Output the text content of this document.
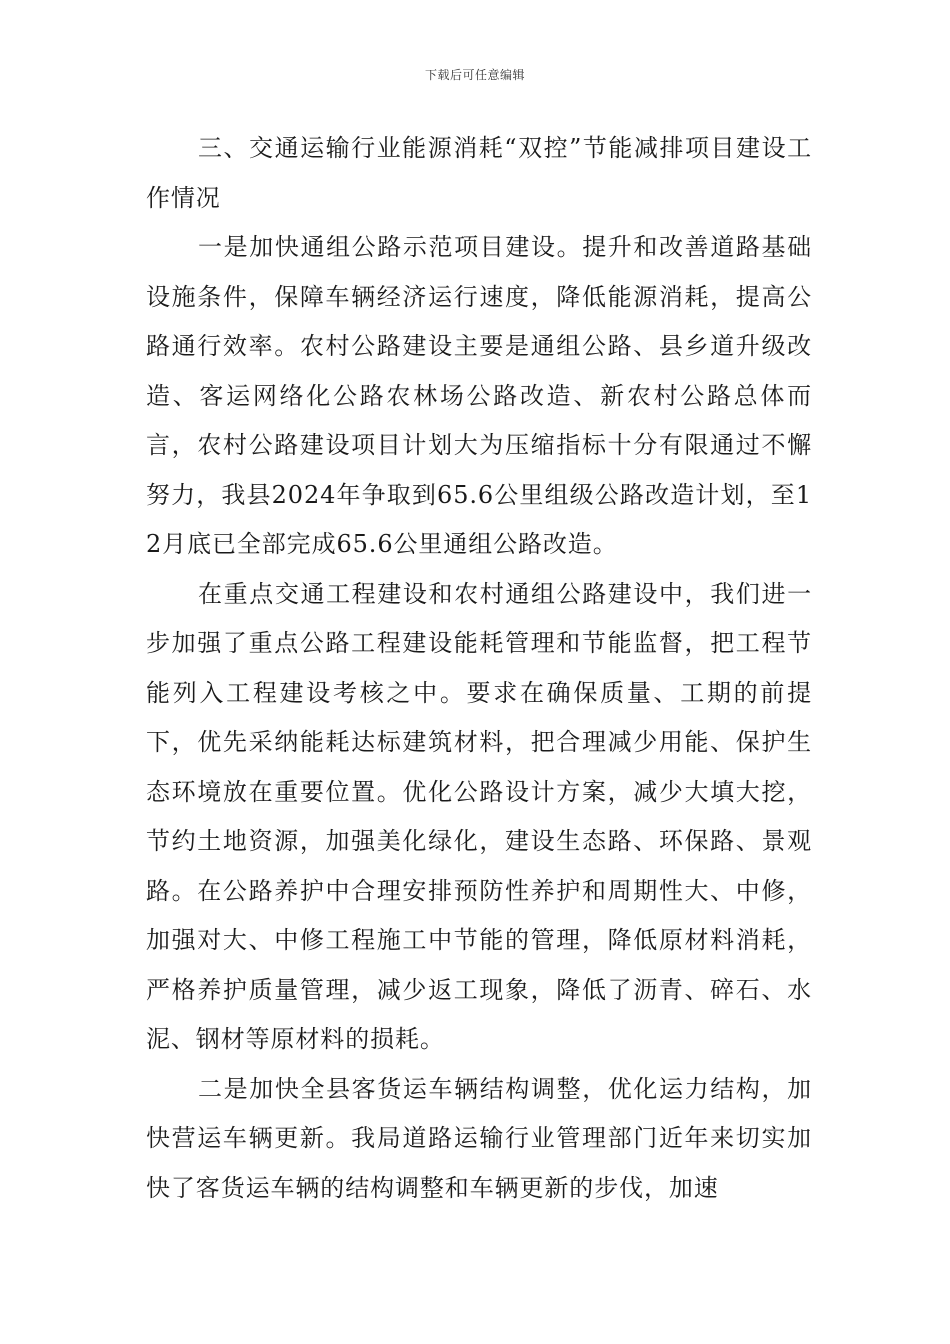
下载后可任意编辑

三、交通运输行业能源消耗“双控”节能减排项目建设工作情况

一是加快通组公路示范项目建设。提升和改善道路基础设施条件，保障车辆经济运行速度，降低能源消耗，提高公路通行效率。农村公路建设主要是通组公路、县乡道升级改造、客运网络化公路农林场公路改造、新农村公路总体而言，农村公路建设项目计划大为压缩指标十分有限通过不懈努力，我县2024年争取到65.6公里组级公路改造计划，至12月底已全部完成65.6公里通组公路改造。

在重点交通工程建设和农村通组公路建设中，我们进一步加强了重点公路工程建设能耗管理和节能监督，把工程节能列入工程建设考核之中。要求在确保质量、工期的前提下，优先采纳能耗达标建筑材料，把合理减少用能、保护生态环境放在重要位置。优化公路设计方案，减少大填大挖，节约土地资源，加强美化绿化，建设生态路、环保路、景观路。在公路养护中合理安排预防性养护和周期性大、中修，加强对大、中修工程施工中节能的管理，降低原材料消耗，严格养护质量管理，减少返工现象，降低了沥青、碎石、水泥、钢材等原材料的损耗。

二是加快全县客货运车辆结构调整，优化运力结构，加快营运车辆更新。我局道路运输行业管理部门近年来切实加快了客货运车辆的结构调整和车辆更新的步伐，加速
